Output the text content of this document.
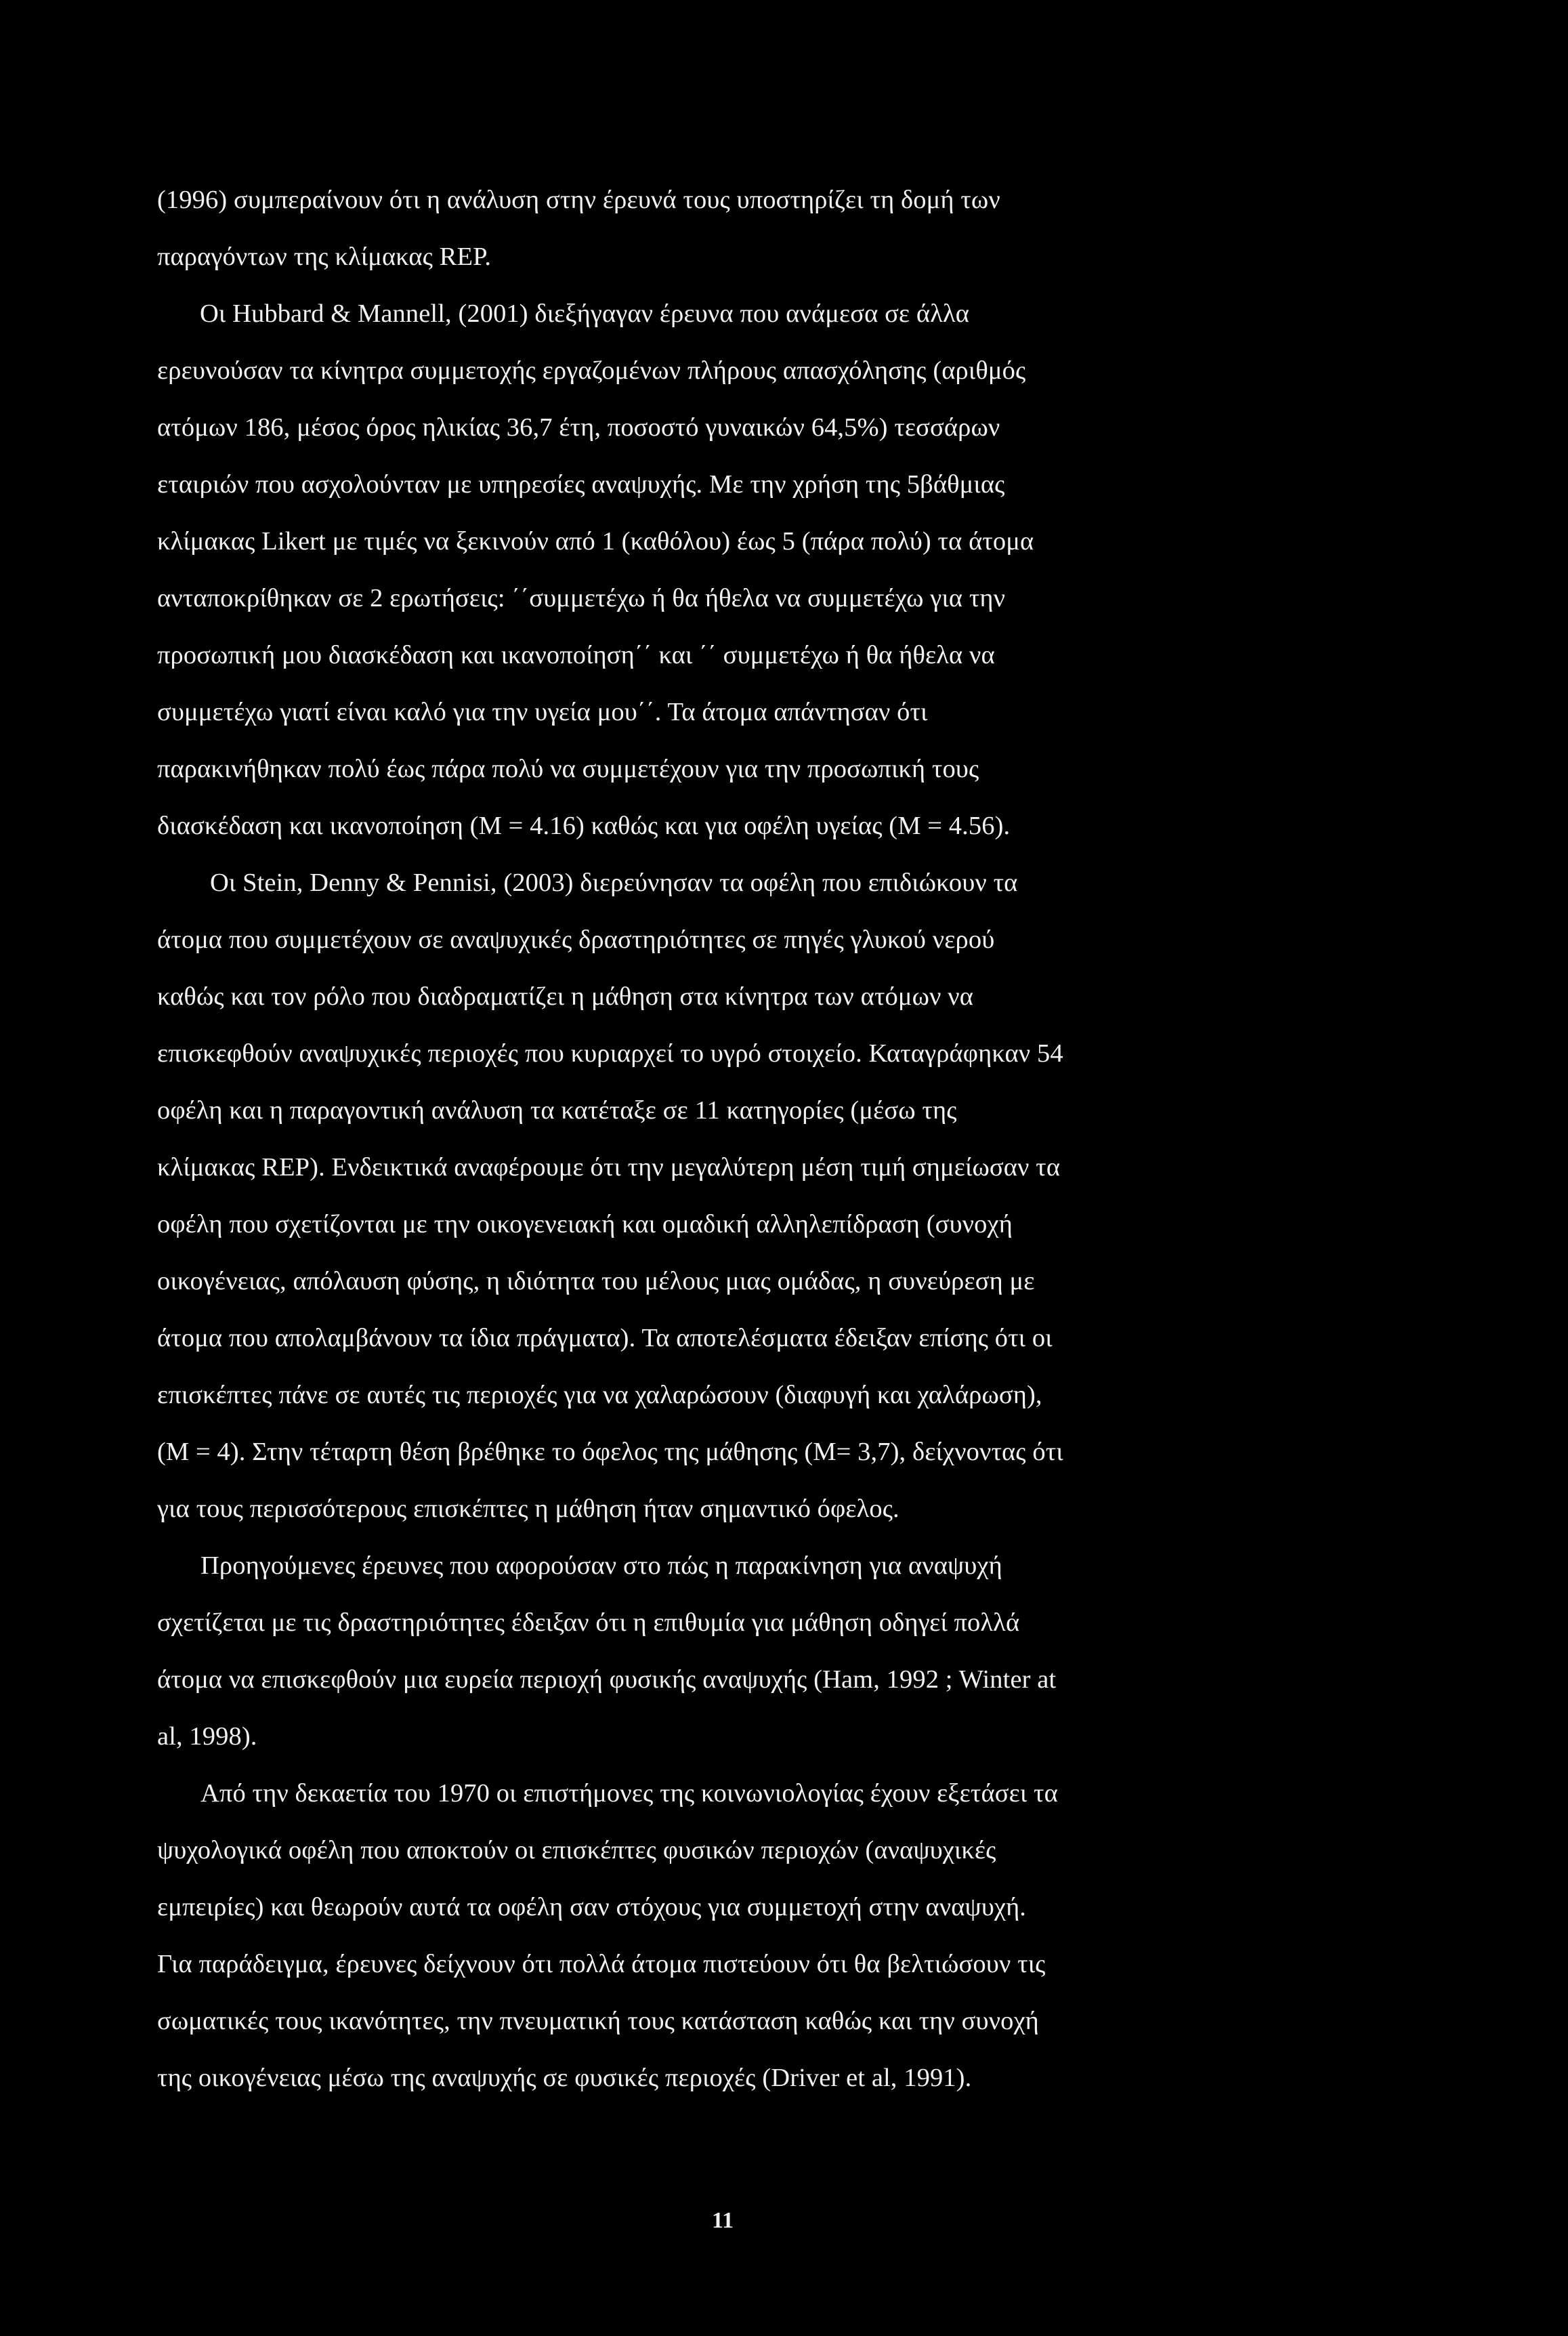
(1996) συμπεραίνουν ότι η ανάλυση στην έρευνά τους υποστηρίζει τη δομή των
παραγόντων της κλίμακας REP.
Οι Hubbard & Mannell, (2001) διεξήγαγαν έρευνα που ανάμεσα σε άλλα
ερευνούσαν τα κίνητρα συμμετοχής εργαζομένων πλήρους απασχόλησης (αριθμός
ατόμων 186, μέσος όρος ηλικίας 36,7 έτη, ποσοστό γυναικών 64,5%) τεσσάρων
εταιριών που ασχολούνταν με υπηρεσίες αναψυχής. Με την χρήση της 5βάθμιας
κλίμακας Likert με τιμές να ξεκινούν από 1 (καθόλου) έως 5 (πάρα πολύ) τα άτομα
ανταποκρίθηκαν σε 2 ερωτήσεις: ΄΄συμμετέχω ή θα ήθελα να συμμετέχω για την
προσωπική μου διασκέδαση και ικανοποίηση΄΄ και ΄΄ συμμετέχω ή θα ήθελα να
συμμετέχω γιατί είναι καλό για την υγεία μου΄΄. Τα άτομα απάντησαν ότι
παρακινήθηκαν πολύ έως πάρα πολύ να συμμετέχουν για την προσωπική τους
διασκέδαση και ικανοποίηση (Μ = 4.16) καθώς και για οφέλη υγείας (Μ = 4.56).
Οι Stein, Denny & Pennisi, (2003) διερεύνησαν τα οφέλη που επιδιώκουν τα
άτομα που συμμετέχουν σε αναψυχικές δραστηριότητες σε πηγές γλυκού νερού
καθώς και τον ρόλο που διαδραματίζει η μάθηση στα κίνητρα των ατόμων να
επισκεφθούν αναψυχικές περιοχές που κυριαρχεί το υγρό στοιχείο. Καταγράφηκαν 54
οφέλη και η παραγοντική ανάλυση τα κατέταξε σε 11 κατηγορίες (μέσω της
κλίμακας REP). Ενδεικτικά αναφέρουμε ότι την μεγαλύτερη μέση τιμή σημείωσαν τα
οφέλη που σχετίζονται με την οικογενειακή και ομαδική αλληλεπίδραση (συνοχή
οικογένειας, απόλαυση φύσης, η ιδιότητα του μέλους μιας ομάδας, η συνεύρεση με
άτομα που απολαμβάνουν τα ίδια πράγματα). Τα αποτελέσματα έδειξαν επίσης ότι οι
επισκέπτες πάνε σε αυτές τις περιοχές για να χαλαρώσουν (διαφυγή και χαλάρωση),
(Μ = 4). Στην τέταρτη θέση βρέθηκε το όφελος της μάθησης (Μ= 3,7), δείχνοντας ότι
για τους περισσότερους επισκέπτες η μάθηση ήταν σημαντικό όφελος.
Προηγούμενες έρευνες που αφορούσαν στο πώς η παρακίνηση για αναψυχή
σχετίζεται με τις δραστηριότητες έδειξαν ότι η επιθυμία για μάθηση οδηγεί πολλά
άτομα να επισκεφθούν μια ευρεία περιοχή φυσικής αναψυχής (Ham, 1992 ; Winter at
al, 1998).
Από την δεκαετία του 1970 οι επιστήμονες της κοινωνιολογίας έχουν εξετάσει τα
ψυχολογικά οφέλη που αποκτούν οι επισκέπτες φυσικών περιοχών (αναψυχικές
εμπειρίες) και θεωρούν αυτά τα οφέλη σαν στόχους για συμμετοχή στην αναψυχή.
Για παράδειγμα, έρευνες δείχνουν ότι πολλά άτομα πιστεύουν ότι θα βελτιώσουν τις
σωματικές τους ικανότητες, την πνευματική τους κατάσταση καθώς και την συνοχή
της οικογένειας μέσω της αναψυχής σε φυσικές περιοχές (Driver et al, 1991).
11
